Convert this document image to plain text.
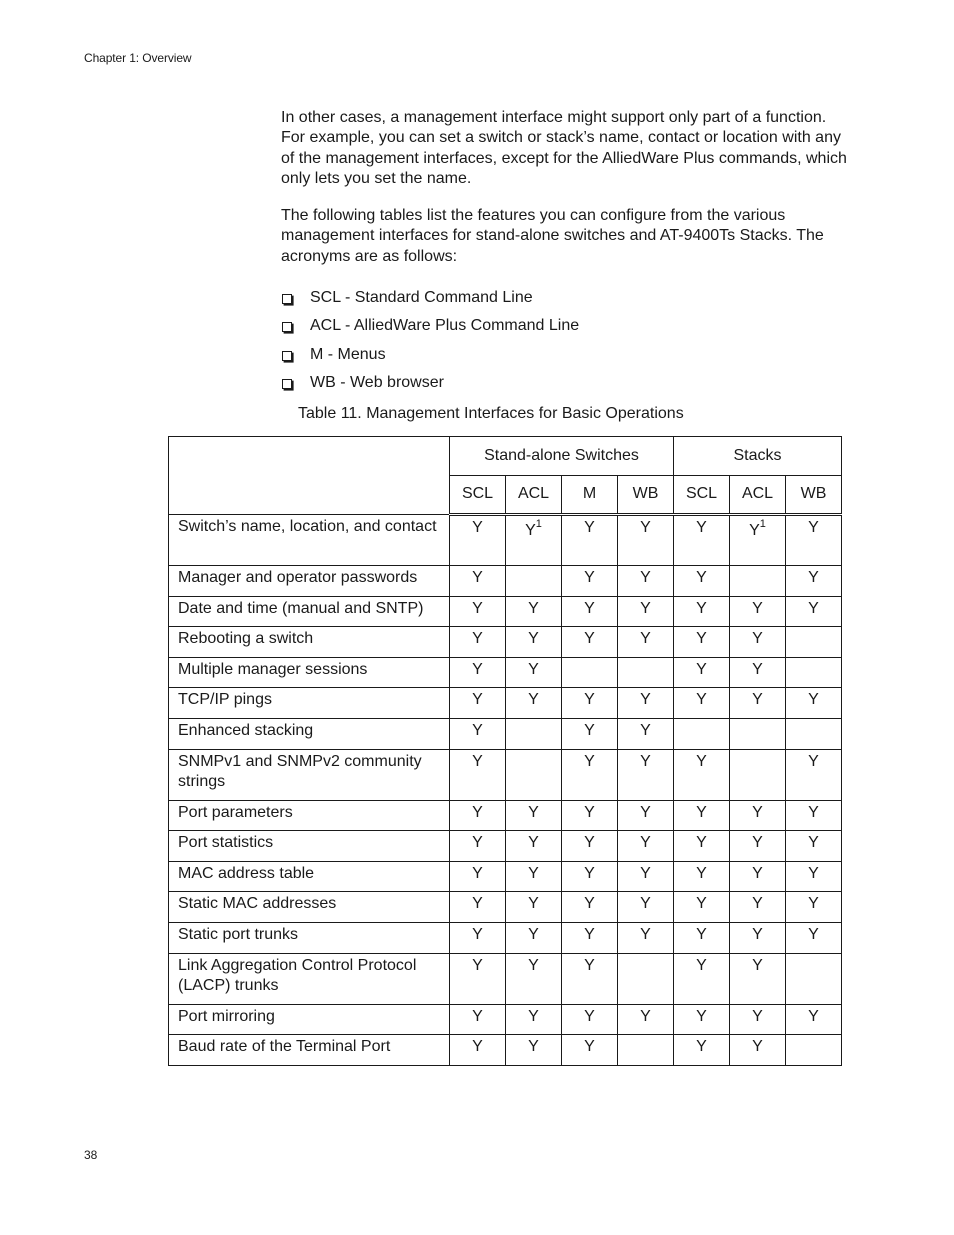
Chapter 1: Overview

In other cases, a management interface might support only part of a function. For example, you can set a switch or stack’s name, contact or location with any of the management interfaces, except for the AlliedWare Plus commands, which only lets you set the name.

The following tables list the features you can configure from the various management interfaces for stand-alone switches and AT-9400Ts Stacks. The acronyms are as follows:

SCL - Standard Command Line
ACL - AlliedWare Plus Command Line
M - Menus
WB - Web browser
Table 11. Management Interfaces for Basic Operations
	Stand-alone Switches				Stacks		
	SCL	ACL	M	WB	SCL	ACL	WB
Switch’s name, location, and contact	Y	$Y^1$	Y	Y	Y	$Y^1$	Y
Manager and operator passwords	Y		Y	Y	Y		Y
Date and time (manual and SNTP)	Y	Y	Y	Y	Y	Y	Y
Rebooting a switch	Y	Y	Y	Y	Y	Y	
Multiple manager sessions	Y	Y			Y	Y	
TCP/IP pings	Y	Y	Y	Y	Y	Y	Y
Enhanced stacking	Y		Y	Y			
SNMPv1 and SNMPv2 community strings	Y		Y	Y	Y		Y
Port parameters	Y	Y	Y	Y	Y	Y	Y
Port statistics	Y	Y	Y	Y	Y	Y	Y
MAC address table	Y	Y	Y	Y	Y	Y	Y
Static MAC addresses	Y	Y	Y	Y	Y	Y	Y
Static port trunks	Y	Y	Y	Y	Y	Y	Y
Link Aggregation Control Protocol (LACP) trunks	Y	Y	Y		Y	Y	
Port mirroring	Y	Y	Y	Y	Y	Y	Y
Baud rate of the Terminal Port	Y	Y	Y		Y	Y	
38
